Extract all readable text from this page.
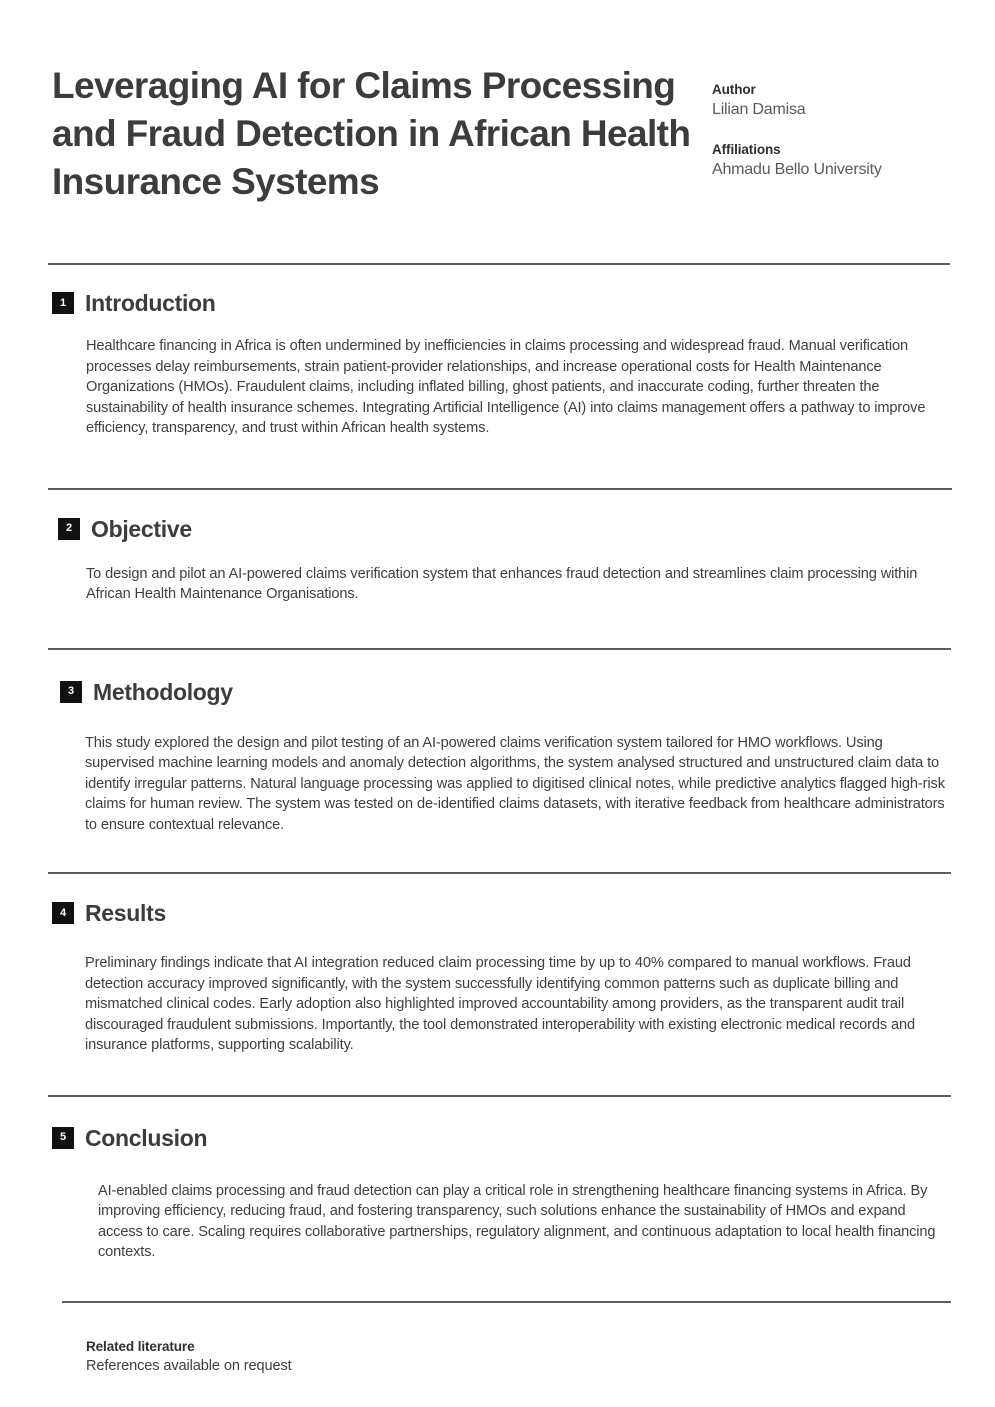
Leveraging AI for Claims Processing and Fraud Detection in African Health Insurance Systems
Author
Lilian Damisa
Affiliations
Ahmadu Bello University
1 Introduction

Healthcare financing in Africa is often undermined by inefficiencies in claims processing and widespread fraud. Manual verification processes delay reimbursements, strain patient-provider relationships, and increase operational costs for Health Maintenance Organizations (HMOs). Fraudulent claims, including inflated billing, ghost patients, and inaccurate coding, further threaten the sustainability of health insurance schemes. Integrating Artificial Intelligence (AI) into claims management offers a pathway to improve efficiency, transparency, and trust within African health systems.

2 Objective

To design and pilot an AI-powered claims verification system that enhances fraud detection and streamlines claim processing within African Health Maintenance Organisations.

3 Methodology

This study explored the design and pilot testing of an AI-powered claims verification system tailored for HMO workflows. Using supervised machine learning models and anomaly detection algorithms, the system analysed structured and unstructured claim data to identify irregular patterns. Natural language processing was applied to digitised clinical notes, while predictive analytics flagged high-risk claims for human review. The system was tested on de-identified claims datasets, with iterative feedback from healthcare administrators to ensure contextual relevance.

4 Results

Preliminary findings indicate that AI integration reduced claim processing time by up to 40% compared to manual workflows. Fraud detection accuracy improved significantly, with the system successfully identifying common patterns such as duplicate billing and mismatched clinical codes. Early adoption also highlighted improved accountability among providers, as the transparent audit trail discouraged fraudulent submissions. Importantly, the tool demonstrated interoperability with existing electronic medical records and insurance platforms, supporting scalability.

5 Conclusion

AI-enabled claims processing and fraud detection can play a critical role in strengthening healthcare financing systems in Africa. By improving efficiency, reducing fraud, and fostering transparency, such solutions enhance the sustainability of HMOs and expand access to care. Scaling requires collaborative partnerships, regulatory alignment, and continuous adaptation to local health financing contexts.

Related literature
References available on request
